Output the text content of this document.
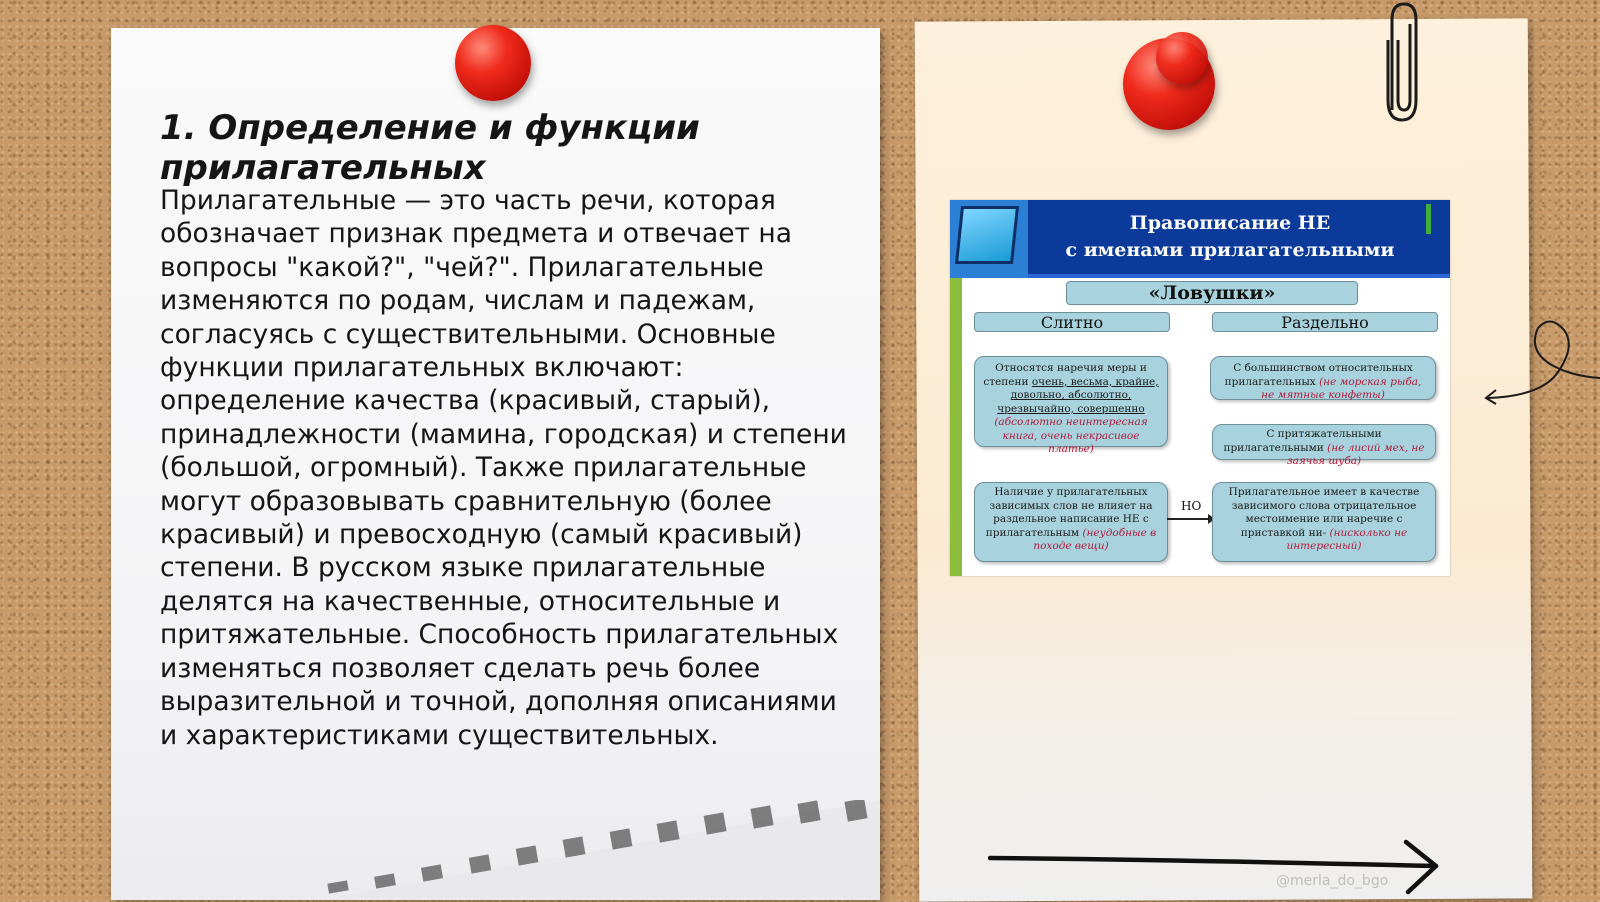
1. Определение и функции прилагательных

Прилагательные — это часть речи, которая обозначает признак предмета и отвечает на вопросы "какой?", "чей?". Прилагательные изменяются по родам, числам и падежам, согласуясь с существительными. Основные функции прилагательных включают: определение качества (красивый, старый), принадлежности (мамина, городская) и степени (большой, огромный). Также прилагательные могут образовывать сравнительную (более красивый) и превосходную (самый красивый) степени. В русском языке прилагательные делятся на качественные, относительные и притяжательные. Способность прилагательных изменяться позволяет сделать речь более выразительной и точной, дополняя описаниями и характеристиками существительных.

Правописание НЕ
с именами прилагательными
«Ловушки»
Слитно	Раздельно
Относятся наречия меры и степени очень, весьма, крайне, довольно, абсолютно, чрезвычайно, совершенно (абсолютно неинтересная книга, очень некрасивое платье)
С большинством относительных прилагательных (не морская рыба, не мятные конфеты)
С притяжательными прилагательными (не лисий мех, не заячья шуба)
Наличие у прилагательных зависимых слов не влияет на раздельное написание НЕ с прилагательным (неудобные в походе вещи)
НО
Прилагательное имеет в качестве зависимого слова отрицательное местоимение или наречие с приставкой ни- (нисколько не интересный)
@merla_do_bgo
